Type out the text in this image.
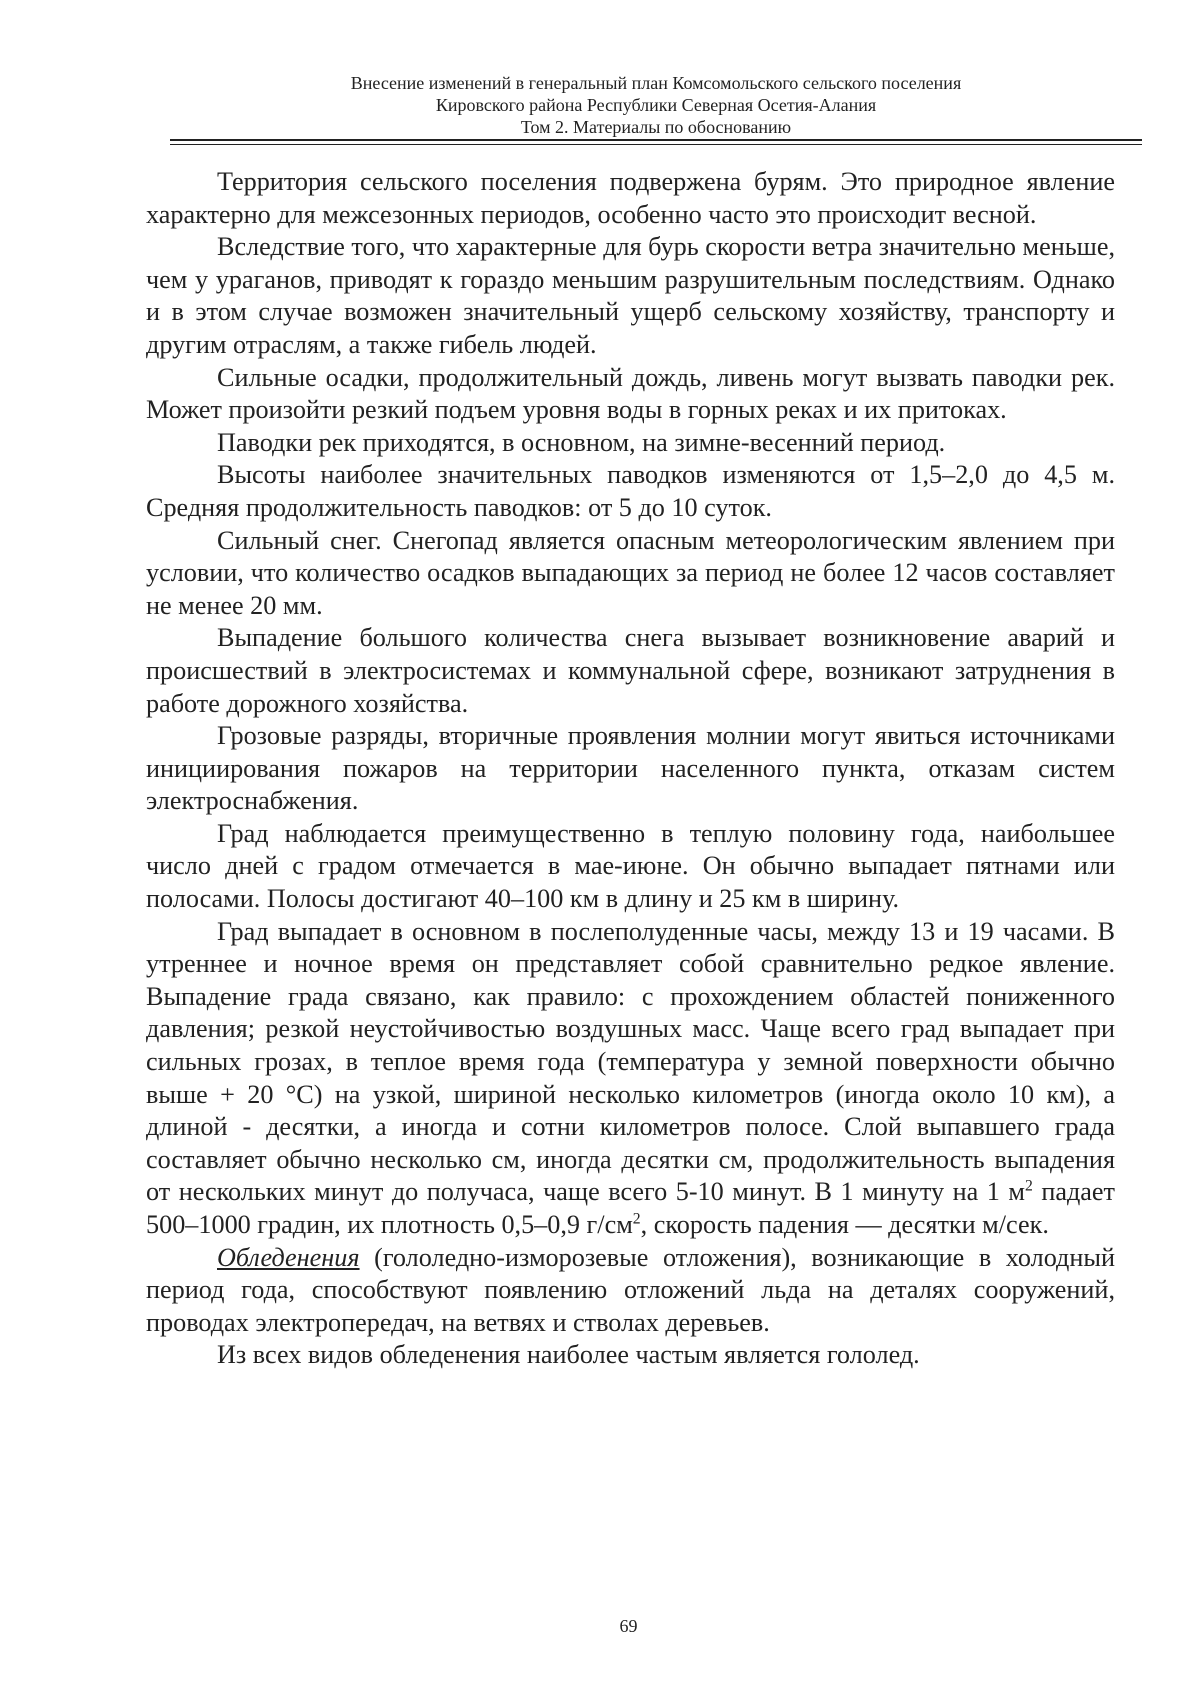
Внесение изменений в генеральный план Комсомольского сельского поселения
Кировского района Республики Северная Осетия-Алания
Том 2. Материалы по обоснованию

Территория сельского поселения подвержена бурям. Это природное явление характерно для межсезонных периодов, особенно часто это происходит весной.

Вследствие того, что характерные для бурь скорости ветра значительно меньше, чем у ураганов, приводят к гораздо меньшим разрушительным последствиям. Однако и в этом случае возможен значительный ущерб сельскому хозяйству, транспорту и другим отраслям, а также гибель людей.

Сильные осадки, продолжительный дождь, ливень могут вызвать паводки рек. Может произойти резкий подъем уровня воды в горных реках и их притоках.

Паводки рек приходятся, в основном, на зимне-весенний период.

Высоты наиболее значительных паводков изменяются от 1,5–2,0 до 4,5 м. Средняя продолжительность паводков: от 5 до 10 суток.

Сильный снег. Снегопад является опасным метеорологическим явлением при условии, что количество осадков выпадающих за период не более 12 часов составляет не менее 20 мм.

Выпадение большого количества снега вызывает возникновение аварий и происшествий в электросистемах и коммунальной сфере, возникают затруднения в работе дорожного хозяйства.

Грозовые разряды, вторичные проявления молнии могут явиться источниками инициирования пожаров на территории населенного пункта, отказам систем электроснабжения.

Град наблюдается преимущественно в теплую половину года, наибольшее число дней с градом отмечается в мае-июне. Он обычно выпадает пятнами или полосами. Полосы достигают 40–100 км в длину и 25 км в ширину.

Град выпадает в основном в послеполуденные часы, между 13 и 19 часами. В утреннее и ночное время он представляет собой сравнительно редкое явление. Выпадение града связано, как правило: с прохождением областей пониженного давления; резкой неустойчивостью воздушных масс. Чаще всего град выпадает при сильных грозах, в теплое время года (температура у земной поверхности обычно выше + 20 °С) на узкой, шириной несколько километров (иногда около 10 км), а длиной - десятки, а иногда и сотни километров полосе. Слой выпавшего града составляет обычно несколько см, иногда десятки см, продолжительность выпадения от нескольких минут до получаса, чаще всего 5-10 минут. В 1 минуту на 1 $м^2$ падает 500–1000 градин, их плотность 0,5–0,9 $г/см^2$, скорость падения — десятки м/сек.

Обледенения (гололедно-изморозевые отложения), возникающие в холодный период года, способствуют появлению отложений льда на деталях сооружений, проводах электропередач, на ветвях и стволах деревьев.

Из всех видов обледенения наиболее частым является гололед.

69
